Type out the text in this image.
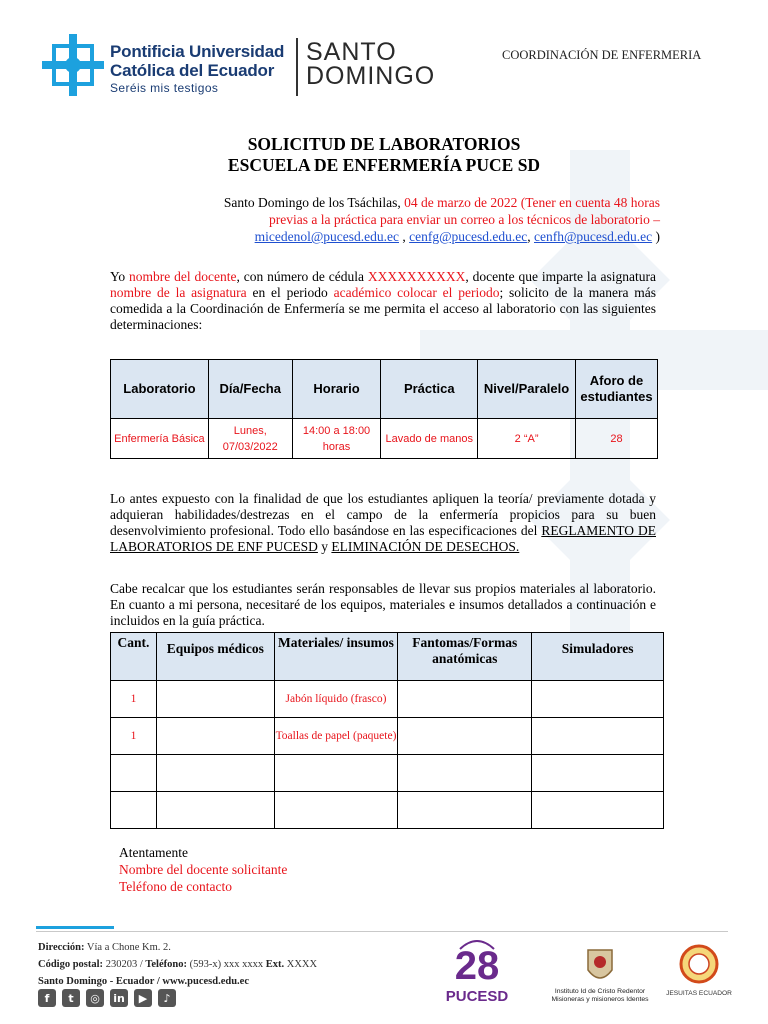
Pontificia Universidad
Católica del Ecuador
Seréis mis testigos
SANTO
DOMINGO
COORDINACIÓN DE ENFERMERIA
SOLICITUD DE LABORATORIOS
ESCUELA DE ENFERMERÍA PUCE SD
Santo Domingo de los Tsáchilas, 04 de marzo de 2022 (Tener en cuenta 48 horas
previas a la práctica para enviar un correo a los técnicos de laboratorio –
micedenol@pucesd.edu.ec , cenfg@pucesd.edu.ec, cenfh@pucesd.edu.ec )
Yo nombre del docente, con número de cédula XXXXXXXXXX, docente que imparte la asignatura nombre de la asignatura en el periodo académico colocar el periodo; solicito de la manera más comedida a la Coordinación de Enfermería se me permita el acceso al laboratorio con las siguientes determinaciones:
Laboratorio	Día/Fecha	Horario	Práctica	Nivel/Paralelo	Aforo de estudiantes
Enfermería Básica	Lunes, 07/03/2022	14:00 a 18:00 horas	Lavado de manos	2 “A”	28
Lo antes expuesto con la finalidad de que los estudiantes apliquen la teoría/ previamente dotada y adquieran habilidades/destrezas en el campo de la enfermería propicios para su buen desenvolvimiento profesional. Todo ello basándose en las especificaciones del REGLAMENTO DE LABORATORIOS DE ENF PUCESD y ELIMINACIÓN DE DESECHOS.
Cabe recalcar que los estudiantes serán responsables de llevar sus propios materiales al laboratorio. En cuanto a mi persona, necesitaré de los equipos, materiales e insumos detallados a continuación e incluidos en la guía práctica.
Cant.	Equipos médicos	Materiales/ insumos	Fantomas/Formas anatómicas	Simuladores
1		Jabón líquido (frasco)		
1		Toallas de papel (paquete)		

Atentamente
Nombre del docente solicitante
Teléfono de contacto
Dirección: Vía a Chone Km. 2.
Código postal: 230203 / Teléfono: (593-x) xxx xxxx Ext. XXXX
Santo Domingo - Ecuador / www.pucesd.edu.ec
f	t	◎	in	▶	♪
28
PUCESD	Instituto Id de Cristo Redentor
Misioneras y misioneros Identes
JESUITAS ECUADOR
